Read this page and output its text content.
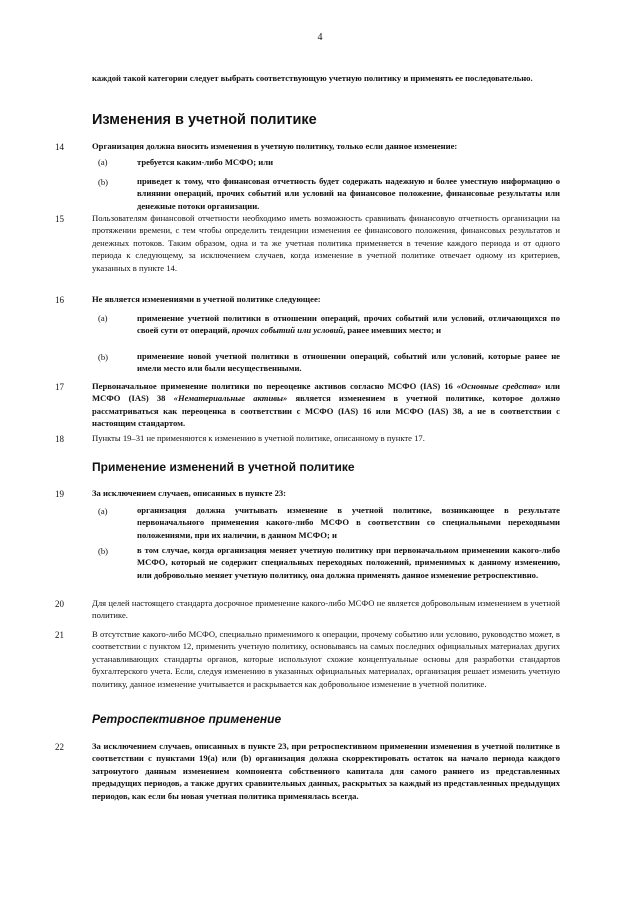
4

каждой такой категории следует выбрать соответствующую учетную политику и применять ее последовательно.

Изменения в учетной политике
14	Организация должна вносить изменения в учетную политику, только если данное изменение:

(a)	требуется каким-либо МСФО; или

(b)	приведет к тому, что финансовая отчетность будет содержать надежную и более уместную информацию о влиянии операций, прочих событий или условий на финансовое положение, финансовые результаты или денежные потоки организации.

15	Пользователям финансовой отчетности необходимо иметь возможность сравнивать финансовую отчетность организации на протяжении времени, с тем чтобы определить тенденции изменения ее финансового положения, финансовых результатов и денежных потоков. Таким образом, одна и та же учетная политика применяется в течение каждого периода и от одного периода к следующему, за исключением случаев, когда изменение в учетной политике отвечает одному из критериев, указанных в пункте 14.

16	Не является изменениями в учетной политике следующее:

(a)	применение учетной политики в отношении операций, прочих событий или условий, отличающихся по своей сути от операций, прочих событий или условий, ранее имевших место; и

(b)	применение новой учетной политики в отношении операций, событий или условий, которые ранее не имели место или были несущественными.

17	Первоначальное применение политики по переоценке активов согласно МСФО (IAS) 16 «Основные средства» или МСФО (IAS) 38 «Нематериальные активы» является изменением в учетной политике, которое должно рассматриваться как переоценка в соответствии с МСФО (IAS) 16 или МСФО (IAS) 38, а не в соответствии с настоящим стандартом.

18	Пункты 19–31 не применяются к изменению в учетной политике, описанному в пункте 17.

Применение изменений в учетной политике
19	За исключением случаев, описанных в пункте 23:

(a)	организация должна учитывать изменение в учетной политике, возникающее в результате первоначального применения какого-либо МСФО в соответствии со специальными переходными положениями, при их наличии, в данном МСФО; и

(b)	в том случае, когда организация меняет учетную политику при первоначальном применении какого-либо МСФО, который не содержит специальных переходных положений, применимых к данному изменению, или добровольно меняет учетную политику, она должна применять данное изменение ретроспективно.

20	Для целей настоящего стандарта досрочное применение какого-либо МСФО не является добровольным изменением в учетной политике.

21	В отсутствие какого-либо МСФО, специально применимого к операции, прочему событию или условию, руководство может, в соответствии с пунктом 12, применить учетную политику, основываясь на самых последних официальных материалах других устанавливающих стандарты органов, которые используют схожие концептуальные основы для разработки стандартов бухгалтерского учета. Если, следуя изменению в указанных официальных материалах, организация решает изменить учетную политику, данное изменение учитывается и раскрывается как добровольное изменение в учетной политике.

Ретроспективное применение
22	За исключением случаев, описанных в пункте 23, при ретроспективном применении изменения в учетной политике в соответствии с пунктами 19(a) или (b) организация должна скорректировать остаток на начало периода каждого затронутого данным изменением компонента собственного капитала для самого раннего из представленных предыдущих периодов, а также других сравнительных данных, раскрытых за каждый из представленных предыдущих периодов, как если бы новая учетная политика применялась всегда.
